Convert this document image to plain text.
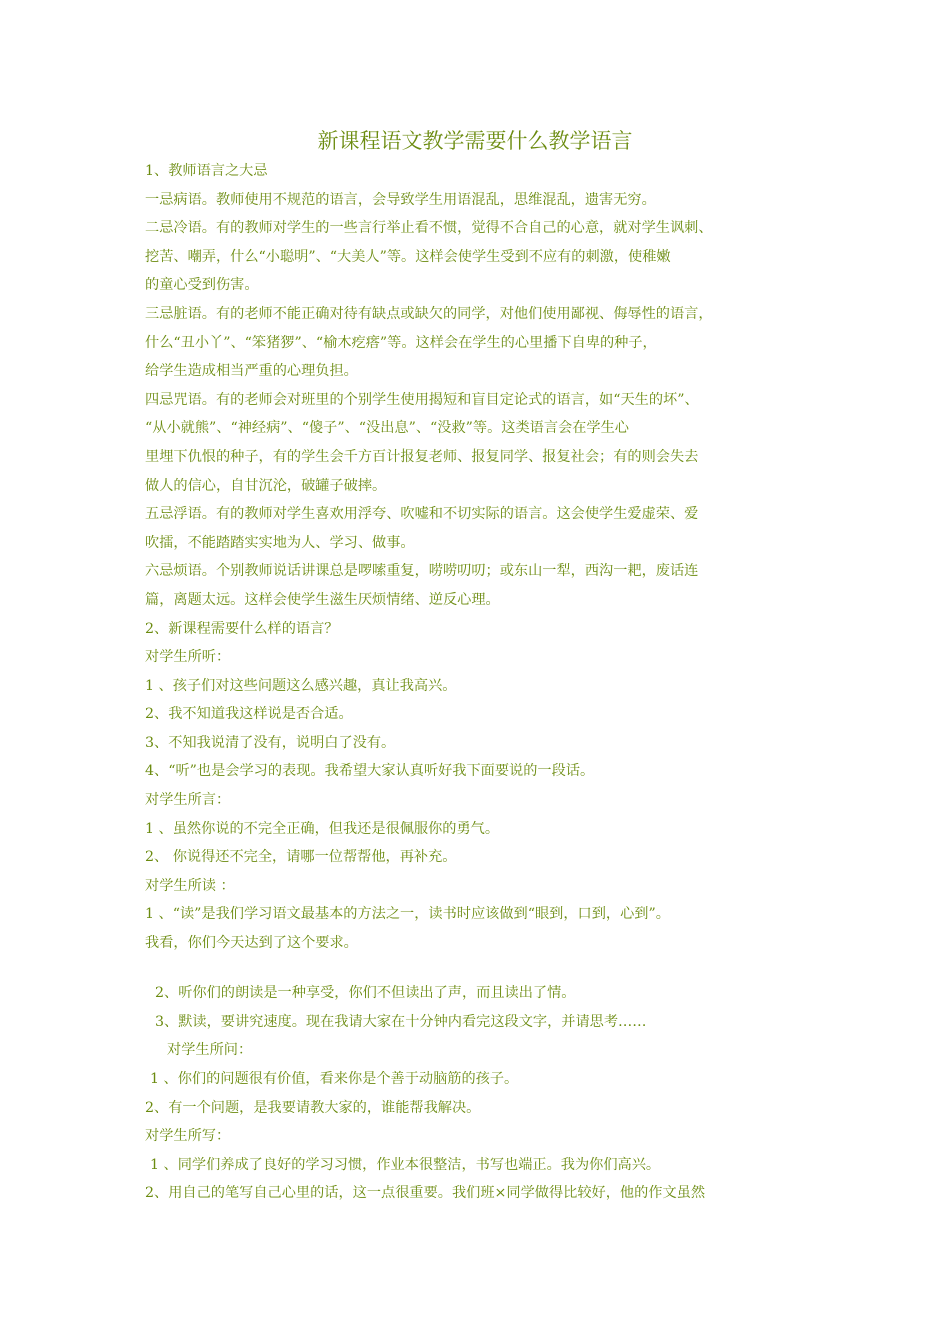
新课程语文教学需要什么教学语言
1、教师语言之大忌
一忌病语。教师使用不规范的语言，会导致学生用语混乱，思维混乱，遗害无穷。
二忌冷语。有的教师对学生的一些言行举止看不惯，觉得不合自己的心意，就对学生讽刺、
挖苦、嘲弄，什么“小聪明”、“大美人”等。这样会使学生受到不应有的刺激，使稚嫩
的童心受到伤害。
三忌脏语。有的老师不能正确对待有缺点或缺欠的同学，对他们使用鄙视、侮辱性的语言，
什么“丑小丫”、“笨猪猡”、“榆木疙瘩”等。这样会在学生的心里播下自卑的种子，
给学生造成相当严重的心理负担。
四忌咒语。有的老师会对班里的个别学生使用揭短和盲目定论式的语言，如“天生的坏”、
“从小就熊”、“神经病”、“傻子”、“没出息”、“没救”等。这类语言会在学生心
里埋下仇恨的种子，有的学生会千方百计报复老师、报复同学、报复社会；有的则会失去
做人的信心，自甘沉沦，破罐子破摔。
五忌浮语。有的教师对学生喜欢用浮夸、吹嘘和不切实际的语言。这会使学生爱虚荣、爱
吹擂，不能踏踏实实地为人、学习、做事。
六忌烦语。个别教师说话讲课总是啰嗦重复，唠唠叨叨；或东山一犁，西沟一耙，废话连
篇，离题太远。这样会使学生滋生厌烦情绪、逆反心理。
2、新课程需要什么样的语言？
对学生所听：
1 、孩子们对这些问题这么感兴趣，真让我高兴。
2、我不知道我这样说是否合适。
3、不知我说清了没有，说明白了没有。
4、“听”也是会学习的表现。我希望大家认真听好我下面要说的一段话。
对学生所言：
1 、虽然你说的不完全正确，但我还是很佩服你的勇气。
2、 你说得还不完全，请哪一位帮帮他，再补充。
对学生所读 ：
1 、“读”是我们学习语文最基本的方法之一，读书时应该做到“眼到，口到，心到”。
我看，你们今天达到了这个要求。
2、听你们的朗读是一种享受，你们不但读出了声，而且读出了情。
3、默读，要讲究速度。现在我请大家在十分钟内看完这段文字，并请思考……
对学生所问：
1 、你们的问题很有价值，看来你是个善于动脑筋的孩子。
2、有一个问题，是我要请教大家的，谁能帮我解决。
对学生所写：
1 、同学们养成了良好的学习习惯，作业本很整洁，书写也端正。我为你们高兴。
2、用自己的笔写自己心里的话，这一点很重要。我们班×同学做得比较好，他的作文虽然
